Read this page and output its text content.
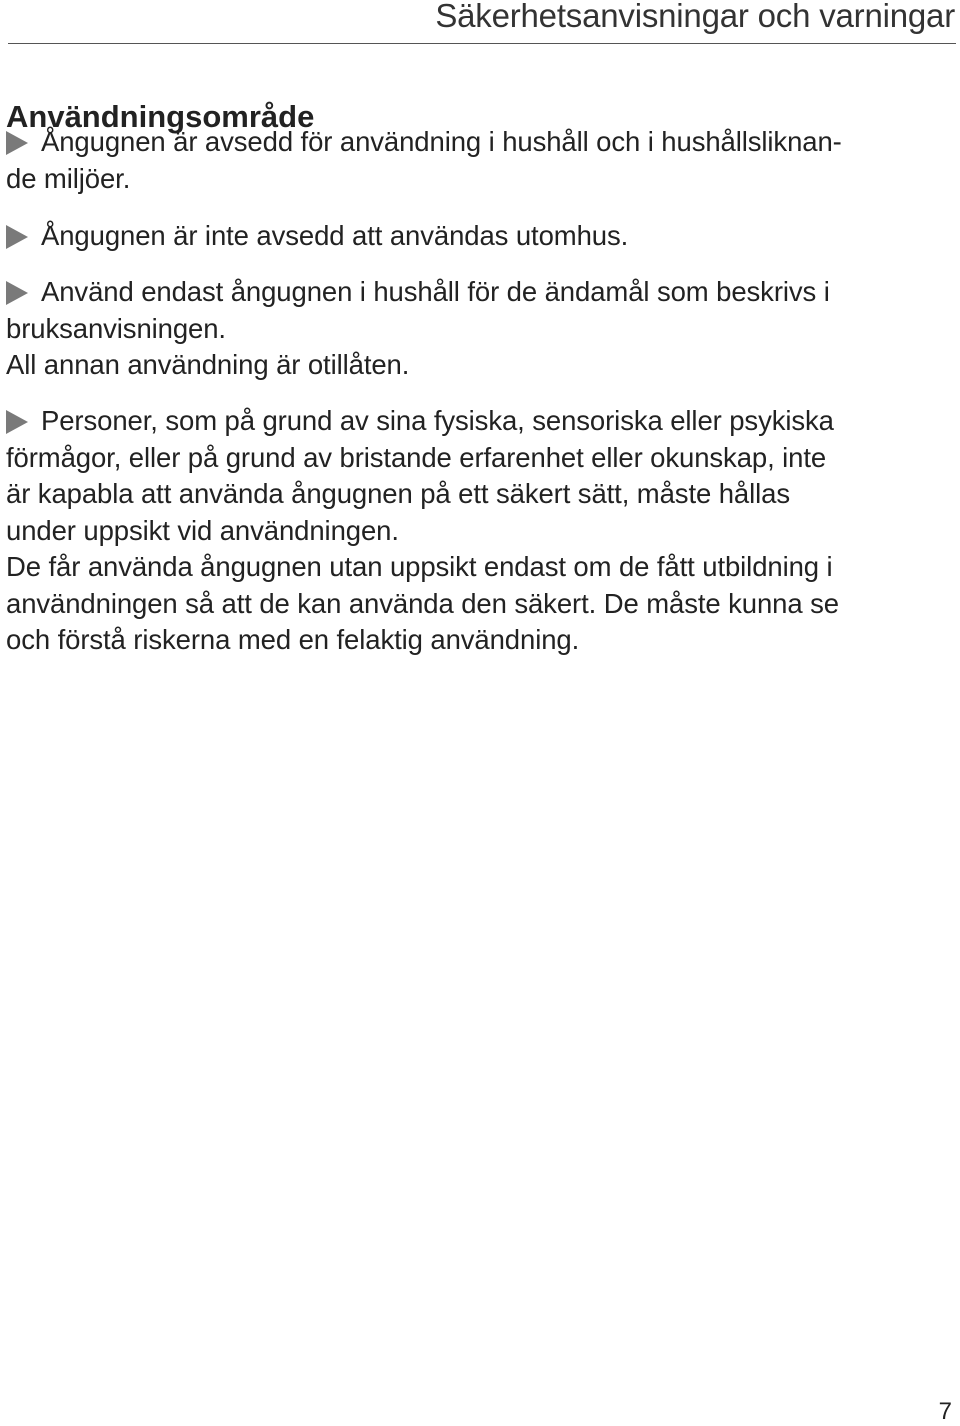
Säkerhetsanvisningar och varningar
Användningsområde

Ångugnen är avsedd för användning i hushåll och i hushållsliknan-

de miljöer.

Ångugnen är inte avsedd att användas utomhus.

Använd endast ångugnen i hushåll för de ändamål som beskrivs i

bruksanvisningen.

All annan användning är otillåten.

Personer, som på grund av sina fysiska, sensoriska eller psykiska

förmågor, eller på grund av bristande erfarenhet eller okunskap, inte

är kapabla att använda ångugnen på ett säkert sätt, måste hållas

under uppsikt vid användningen.

De får använda ångugnen utan uppsikt endast om de fått utbildning i

användningen så att de kan använda den säkert. De måste kunna se

och förstå riskerna med en felaktig användning.

7
